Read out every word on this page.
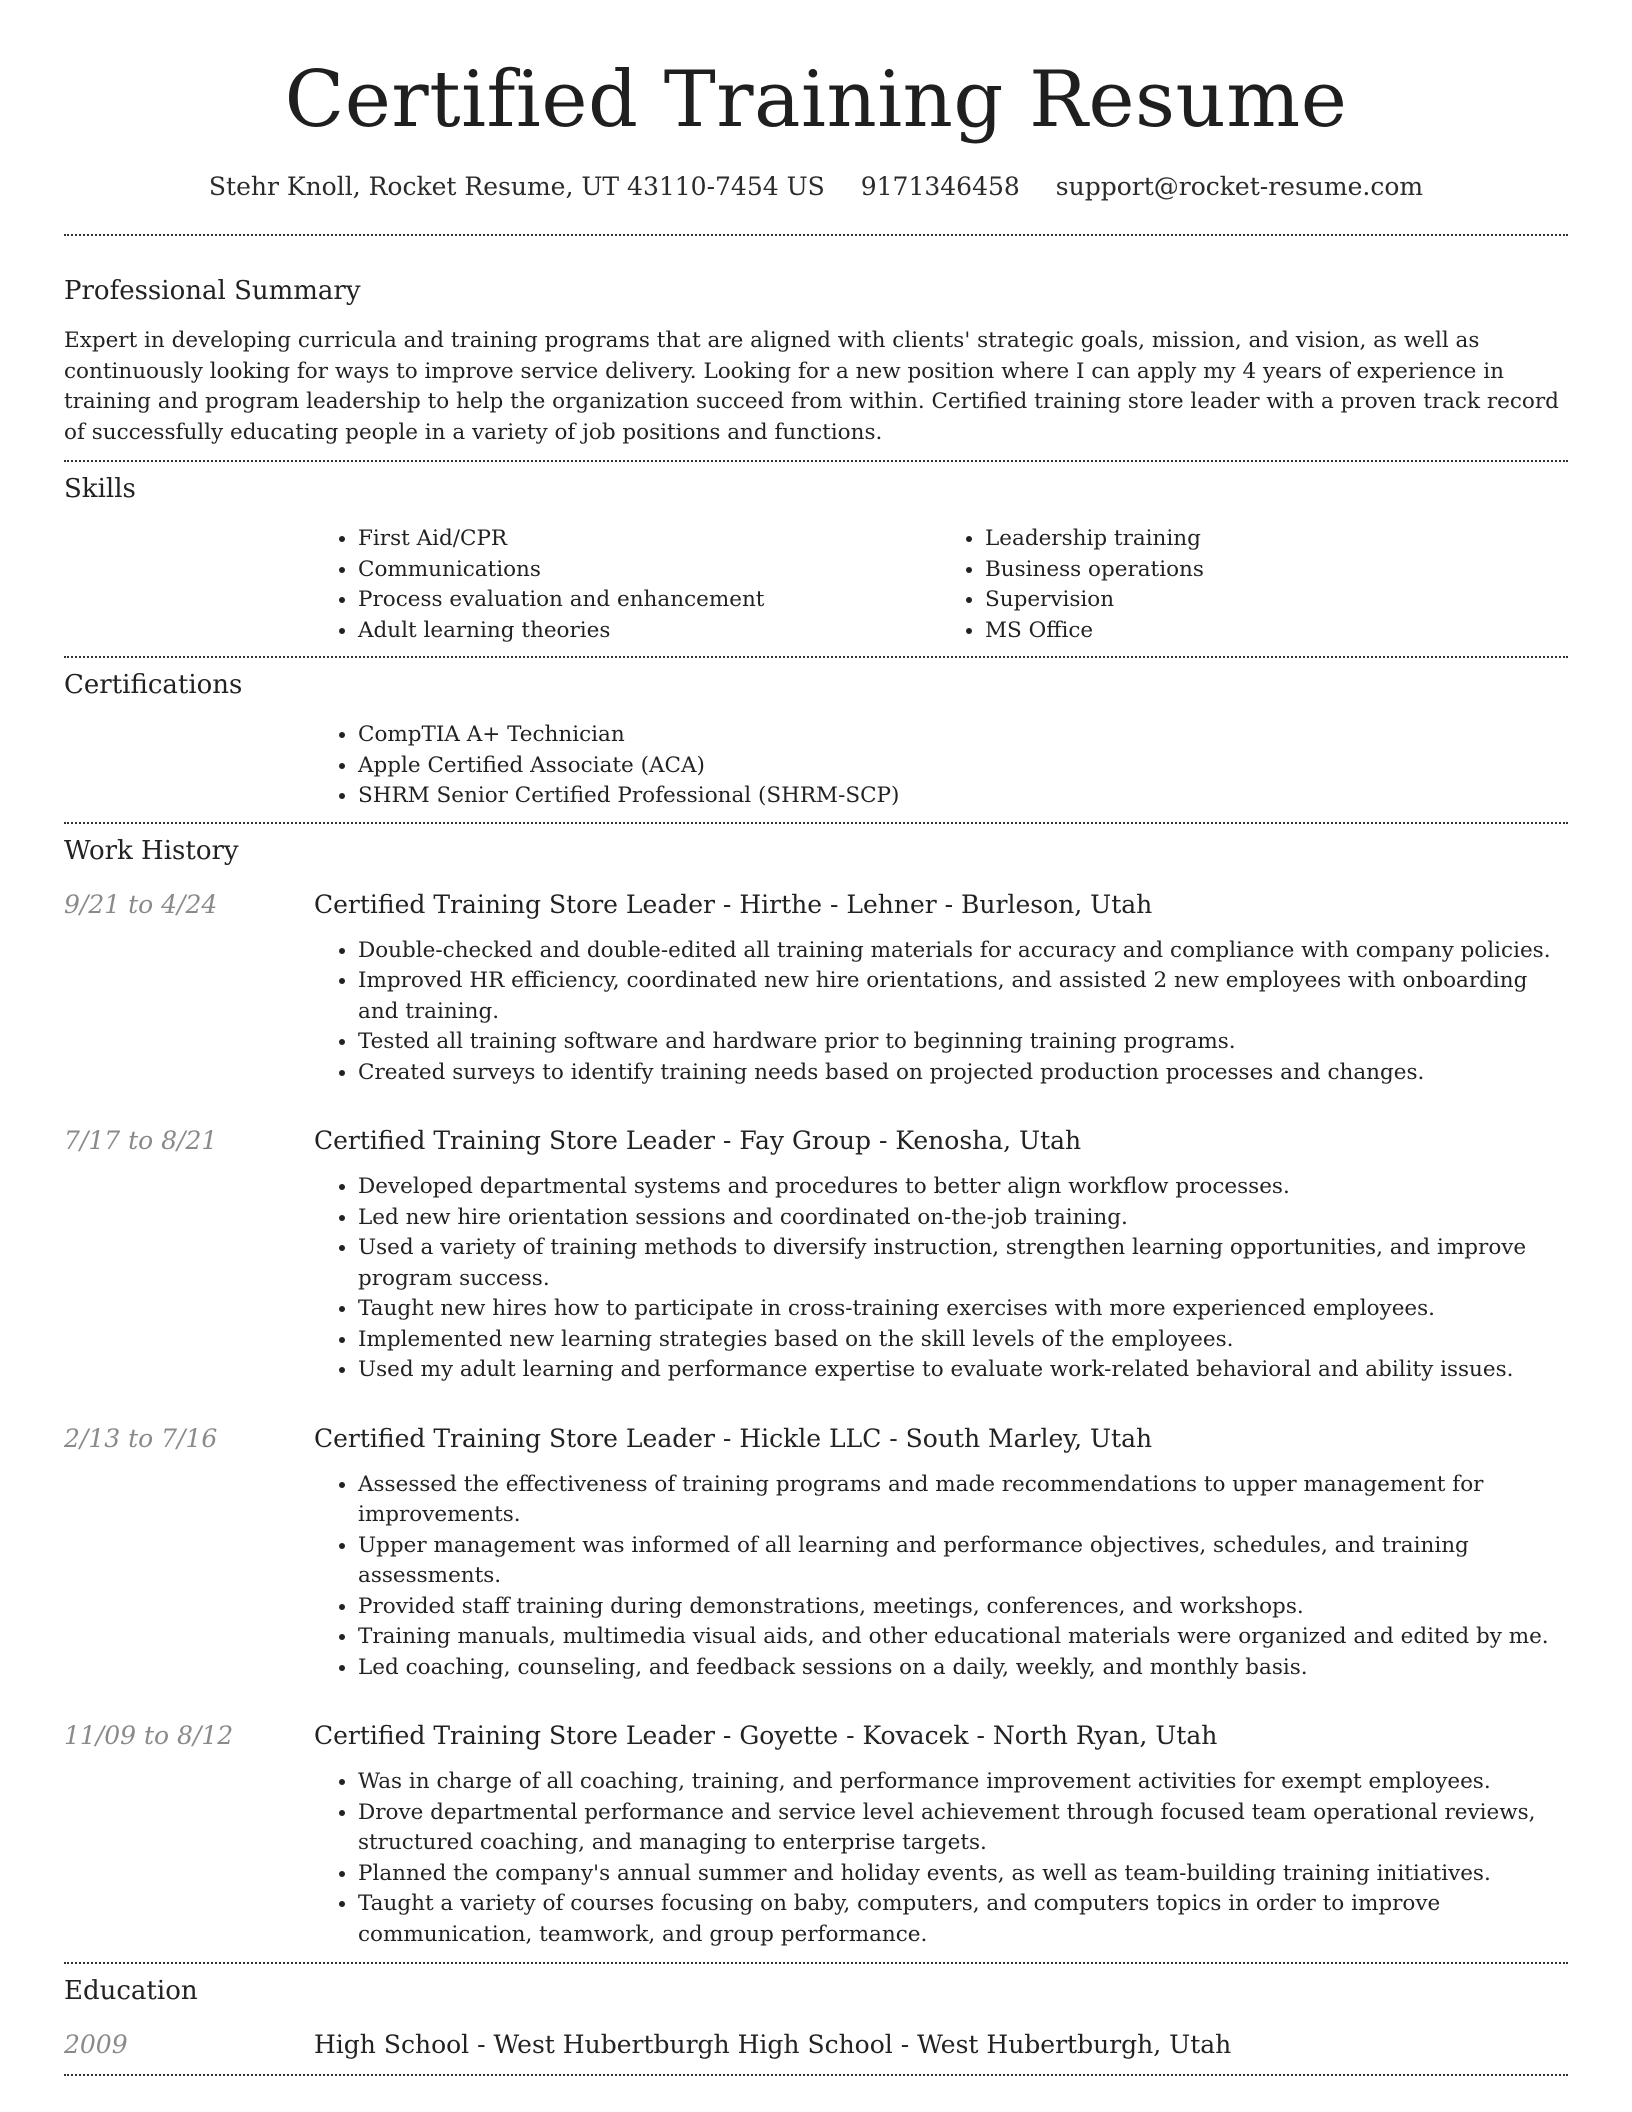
Certified Training Resume
Stehr Knoll, Rocket Resume, UT 43110-7454 US 9171346458 support@rocket-resume.com
Professional Summary

Expert in developing curricula and training programs that are aligned with clients' strategic goals, mission, and vision, as well as continuously looking for ways to improve service delivery. Looking for a new position where I can apply my 4 years of experience in training and program leadership to help the organization succeed from within. Certified training store leader with a proven track record of successfully educating people in a variety of job positions and functions.

Skills
• First Aid/CPR
• Communications
• Process evaluation and enhancement
• Adult learning theories
• Leadership training
• Business operations
• Supervision
• MS Office
Certifications
• CompTIA A+ Technician
• Apple Certified Associate (ACA)
• SHRM Senior Certified Professional (SHRM-SCP)
Work History
9/21 to 4/24	Certified Training Store Leader - Hirthe - Lehner - Burleson, Utah
• Double-checked and double-edited all training materials for accuracy and compliance with company policies.
• Improved HR efficiency, coordinated new hire orientations, and assisted 2 new employees with onboarding and training.
• Tested all training software and hardware prior to beginning training programs.
• Created surveys to identify training needs based on projected production processes and changes.
7/17 to 8/21	Certified Training Store Leader - Fay Group - Kenosha, Utah
• Developed departmental systems and procedures to better align workflow processes.
• Led new hire orientation sessions and coordinated on-the-job training.
• Used a variety of training methods to diversify instruction, strengthen learning opportunities, and improve program success.
• Taught new hires how to participate in cross-training exercises with more experienced employees.
• Implemented new learning strategies based on the skill levels of the employees.
• Used my adult learning and performance expertise to evaluate work-related behavioral and ability issues.
2/13 to 7/16	Certified Training Store Leader - Hickle LLC - South Marley, Utah
• Assessed the effectiveness of training programs and made recommendations to upper management for improvements.
• Upper management was informed of all learning and performance objectives, schedules, and training assessments.
• Provided staff training during demonstrations, meetings, conferences, and workshops.
• Training manuals, multimedia visual aids, and other educational materials were organized and edited by me.
• Led coaching, counseling, and feedback sessions on a daily, weekly, and monthly basis.
11/09 to 8/12	Certified Training Store Leader - Goyette - Kovacek - North Ryan, Utah
• Was in charge of all coaching, training, and performance improvement activities for exempt employees.
• Drove departmental performance and service level achievement through focused team operational reviews, structured coaching, and managing to enterprise targets.
• Planned the company's annual summer and holiday events, as well as team-building training initiatives.
• Taught a variety of courses focusing on baby, computers, and computers topics in order to improve communication, teamwork, and group performance.
Education
2009	High School - West Hubertburgh High School - West Hubertburgh, Utah
